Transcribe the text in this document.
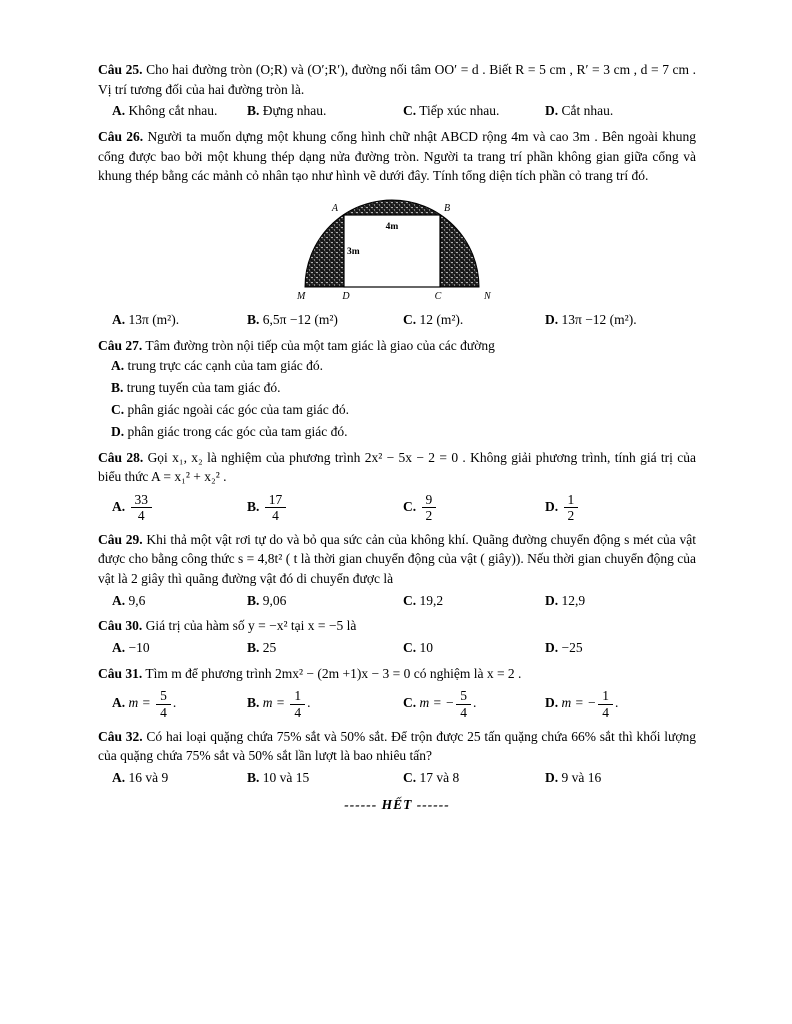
Câu 25. Cho hai đường tròn (O;R) và (O′;R′), đường nối tâm OO′ = d . Biết R = 5 cm , R′ = 3 cm , d = 7 cm . Vị trí tương đối của hai đường tròn là.

A. Không cắt nhau.	B. Đựng nhau.	C. Tiếp xúc nhau.	D. Cắt nhau.

Câu 26. Người ta muốn dựng một khung cổng hình chữ nhật ABCD rộng 4m và cao 3m . Bên ngoài khung cổng được bao bởi một khung thép dạng nửa đường tròn. Người ta trang trí phần không gian giữa cổng và khung thép bằng các mảnh cỏ nhân tạo như hình vẽ dưới đây. Tính tổng diện tích phần cỏ trang trí đó.

A	B
M	D	C	N
4m
3m
A. 13π (m²).	B. 6,5π −12 (m²)	C. 12 (m²).	D. 13π −12 (m²).

Câu 27. Tâm đường tròn nội tiếp của một tam giác là giao của các đường

A. trung trực các cạnh của tam giác đó.
B. trung tuyến của tam giác đó.
C. phân giác ngoài các góc của tam giác đó.
D. phân giác trong các góc của tam giác đó.

Câu 28. Gọi x₁, x₂ là nghiệm của phương trình 2x² − 5x − 2 = 0 . Không giải phương trình, tính giá trị của biểu thức A = x₁² + x₂² .

A. $\frac{33}{4}$	B. $\frac{17}{4}$	C. $\frac{9}{2}$	D. $\frac{1}{2}$

Câu 29. Khi thả một vật rơi tự do và bỏ qua sức cản của không khí. Quãng đường chuyển động s mét của vật được cho bằng công thức s = 4,8t² ( t là thời gian chuyển động của vật ( giây)). Nếu thời gian chuyển động của vật là 2 giây thì quãng đường vật đó di chuyển được là

A. 9,6	B. 9,06	C. 19,2	D. 12,9

Câu 30. Giá trị của hàm số y = −x² tại x = −5 là

A. −10	B. 25	C. 10	D. −25

Câu 31. Tìm m để phương trình 2mx² − (2m +1)x − 3 = 0 có nghiệm là x = 2 .

A. $m = \frac{5}{4}$ .	B. $m = \frac{1}{4}$ .	C. m = − $\frac{5}{4}$ .	D. m = − $\frac{1}{4}$ .

Câu 32. Có hai loại quặng chứa 75% sắt và 50% sắt. Để trộn được 25 tấn quặng chứa 66% sắt thì khối lượng của quặng chứa 75% sắt và 50% sắt lần lượt là bao nhiêu tấn?

A. 16 và 9	B. 10 và 15	C. 17 và 8	D. 9 và 16
------ HẾT ------
